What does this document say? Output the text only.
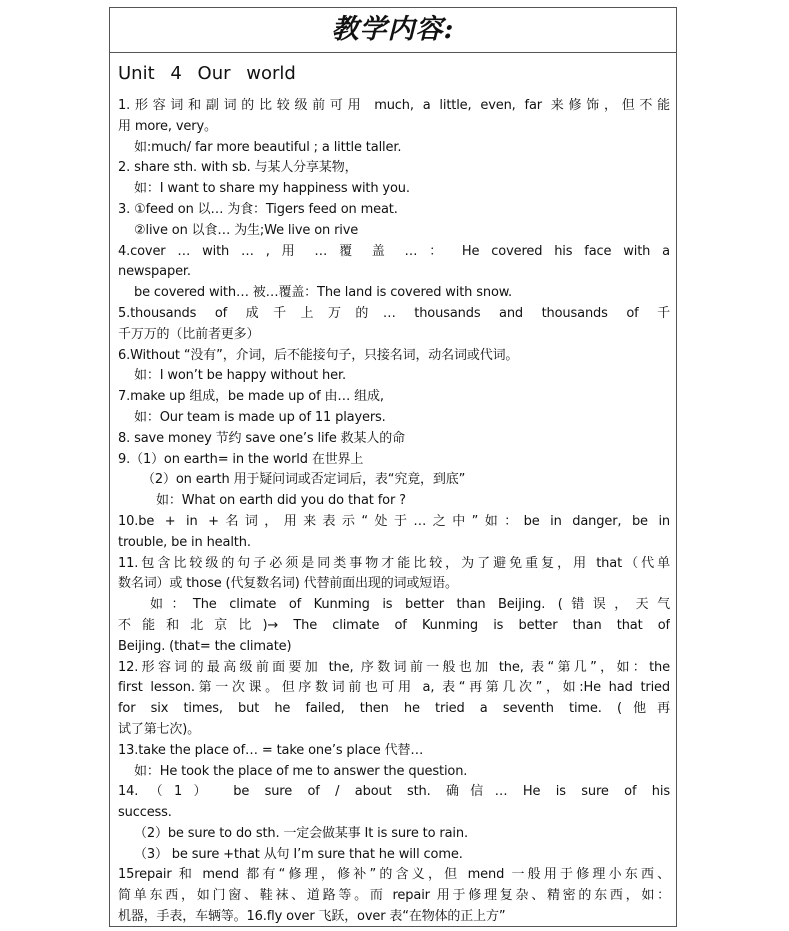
教学内容:
Unit 4 Our world
1.形容词和副词的比较级前可用 much, a little, even, far 来修饰，但不能
用 more, very。
如:much/ far more beautiful ; a little taller.
2. share sth. with sb. 与某人分享某物，
如：I want to share my happiness with you.
3. ①feed on 以… 为食：Tigers feed on meat.
②live on 以食… 为生;We live on rive
4.cover … with … , 用 … 覆 盖 … ： He covered his face with a
newspaper.
be covered with… 被…覆盖：The land is covered with snow.
5.thousands of 成千上万的… thousands and thousands of 千
千万万的（比前者更多）
6.Without “没有”，介词，后不能接句子，只接名词，动名词或代词。
如：I won’t be happy without her.
7.make up 组成，be made up of 由… 组成,
如：Our team is made up of 11 players.
8. save money 节约 save one’s life 救某人的命
9.（1）on earth= in the world 在世界上
（2）on earth 用于疑问词或否定词后，表“究竟，到底”
如：What on earth did you do that for ?
10.be + in +名词，用来表示“处于…之中”如：be in danger, be in
trouble, be in health.
11.包含比较级的句子必须是同类事物才能比较，为了避免重复，用 that（代单
数名词）或 those (代复数名词) 代替前面出现的词或短语。
如：The climate of Kunming is better than Beijing. (错误，天气
不能和北京比)→ The climate of Kunming is better than that of
Beijing. (that= the climate)
12.形容词的最高级前面要加 the, 序数词前一般也加 the, 表“第几”，如：the
first lesson.第一次课。但序数词前也可用 a, 表“再第几次”，如:He had tried
for six times, but he failed, then he tried a seventh time. (他再
试了第七次)。
13.take the place of… = take one’s place 代替…
如：He took the place of me to answer the question.
14.（1） be sure of / about sth. 确信… He is sure of his
success.
（2）be sure to do sth. 一定会做某事 It is sure to rain.
（3） be sure +that 从句 I’m sure that he will come.
15repair 和 mend 都有“修理，修补”的含义，但 mend 一般用于修理小东西、
简单东西，如门窗、鞋袜、道路等。而 repair 用于修理复杂、精密的东西，如：
机器，手表，车辆等。16.fly over 飞跃，over 表“在物体的正上方”
